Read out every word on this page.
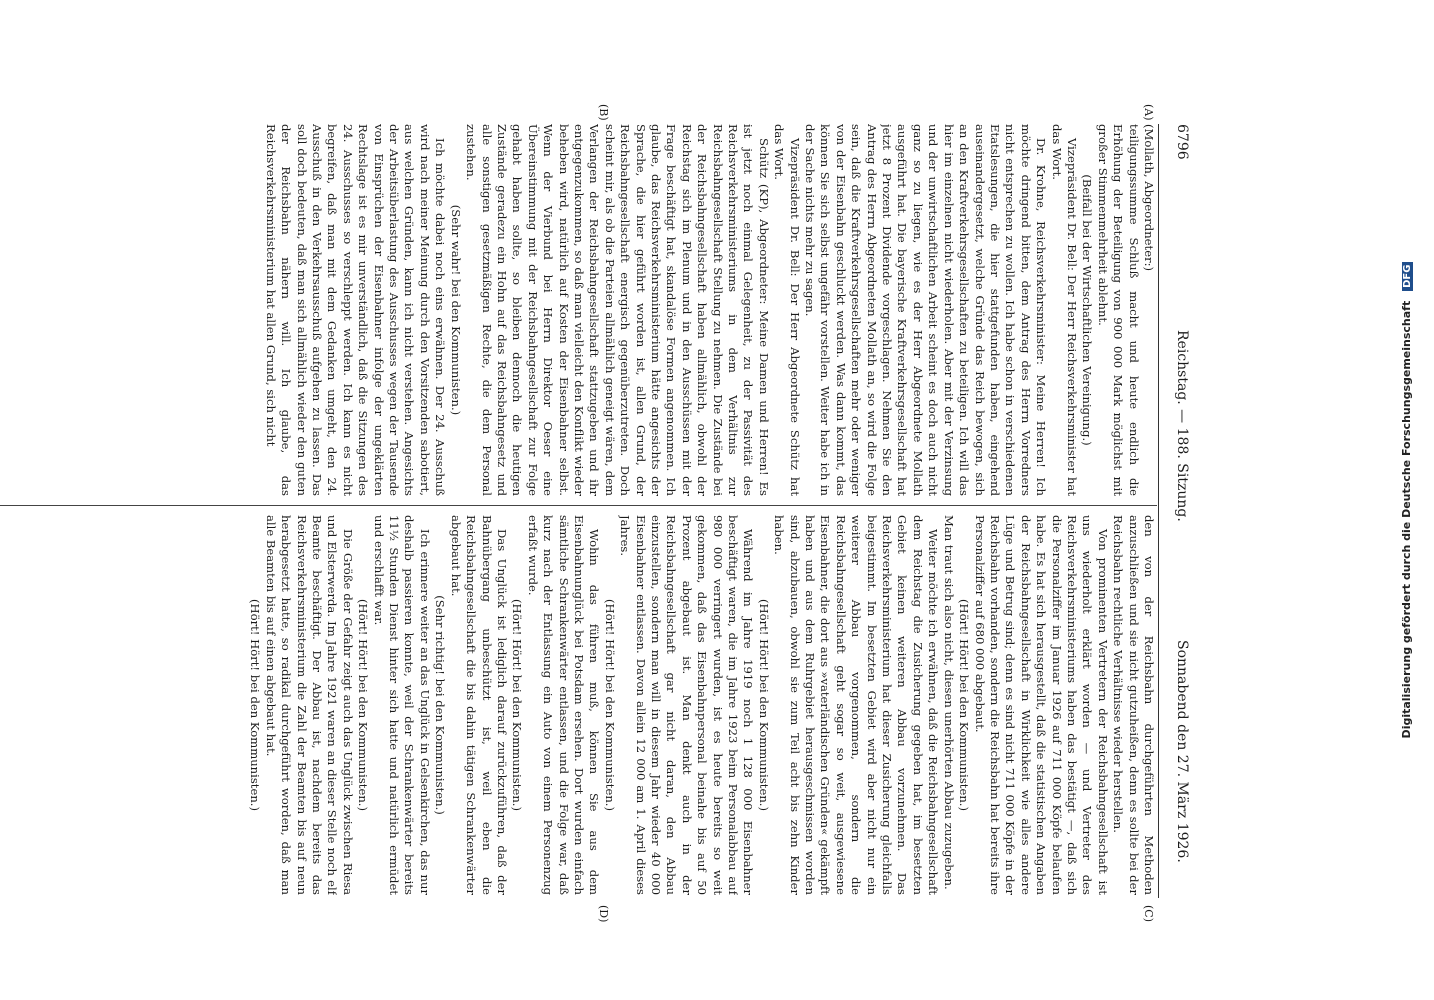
6796
Reichstag. — 188. Sitzung.
Sonnabend den 27. März 1926.
(A)
(B)
(C)
(D)

(Mollath, Abgeordneter:)

teiligungssumme Schluß macht und heute endlich die Erhöhung der Beteiligung von 900 000 Mark möglichst mit großer Stimmenmehrheit ablehnt.

(Beifall bei der Wirtschaftlichen Vereinigung.)

Vizepräsident Dr. Bell: Der Herr Reichsverkehrsminister hat das Wort.

Dr. Krohne, Reichsverkehrsminister: Meine Herren! Ich möchte dringend bitten, dem Antrag des Herrn Vorredners nicht entsprechen zu wollen. Ich habe schon in verschiedenen Etatslesungen, die hier stattgefunden haben, eingehend auseinandergesetzt, welche Gründe das Reich bewogen, sich an den Kraftverkehrsgesellschaften zu beteiligen. Ich will das hier im einzelnen nicht wiederholen. Aber mit der Verzinsung und der unwirtschaftlichen Arbeit scheint es doch auch nicht ganz so zu liegen, wie es der Herr Abgeordnete Mollath ausgeführt hat. Die bayerische Kraftverkehrsgesellschaft hat jetzt 8 Prozent Dividende vorgeschlagen. Nehmen Sie den Antrag des Herrn Abgeordneten Mollath an, so wird die Folge sein, daß die Kraftverkehrsgesellschaften mehr oder weniger von der Eisenbahn geschluckt werden. Was dann kommt, das können Sie sich selbst ungefähr vorstellen. Weiter habe ich in der Sache nichts mehr zu sagen.

Vizepräsident Dr. Bell: Der Herr Abgeordnete Schütz hat das Wort.

Schütz (KP), Abgeordneter: Meine Damen und Herren! Es ist jetzt noch einmal Gelegenheit, zu der Passivität des Reichsverkehrsministeriums in dem Verhältnis zur Reichsbahngesellschaft Stellung zu nehmen. Die Zustände bei der Reichsbahngesellschaft haben allmählich, obwohl der Reichstag sich im Plenum und in den Ausschüssen mit der Frage beschäftigt hat, skandalöse Formen angenommen. Ich glaube, das Reichsverkehrsministerium hätte angesichts der Sprache, die hier geführt worden ist, allen Grund, der Reichsbahngesellschaft energisch gegenüberzutreten. Doch scheint mir, als ob die Parteien allmählich geneigt wären, dem Verlangen der Reichsbahngesellschaft stattzugeben und ihr entgegenzukommen, so daß man vielleicht den Konflikt wieder beheben wird, natürlich auf Kosten der Eisenbahner selbst. Wenn der Vierbund bei Herrn Direktor Oeser eine Übereinstimmung mit der Reichsbahngesellschaft zur Folge gehabt haben sollte, so bleiben dennoch die heutigen Zustände geradezu ein Hohn auf das Reichsbahngesetz und alle sonstigen gesetzmäßigen Rechte, die dem Personal zustehen.

(Sehr wahr! bei den Kommunisten.)

Ich möchte dabei noch eins erwähnen. Der 24. Ausschuß wird nach meiner Meinung durch den Vorsitzenden sabotiert, aus welchen Gründen, kann ich nicht verstehen. Angesichts der Arbeitsüberlastung des Ausschusses wegen der Tausende von Einsprüchen der Eisenbahner infolge der ungeklärten Rechtslage ist es mir unverständlich, daß die Sitzungen des 24. Ausschusses so verschleppt werden. Ich kann es nicht begreifen, daß man mit dem Gedanken umgeht, den 24. Ausschuß in den Verkehrsausschuß aufgehen zu lassen. Das soll doch bedeuten, daß man sich allmählich wieder den guten der Reichsbahn nähern will. Ich glaube, das Reichsverkehrsministerium hat allen Grund, sich nicht

den von der Reichsbahn durchgeführten Methoden anzuschließen und sie nicht gutzuheißen, denn es sollte bei der Reichsbahn rechtliche Verhältnisse wieder herstellen.

Von prominenten Vertretern der Reichsbahngesellschaft ist uns wiederholt erklärt worden — und Vertreter des Reichsverkehrsministeriums haben das bestätigt —, daß sich die Personalziffer im Januar 1926 auf 711 000 Köpfe belaufen habe. Es hat sich herausgestellt, daß die statistischen Angaben der Reichsbahngesellschaft in Wirklichkeit wie alles andere Lüge und Betrug sind; denn es sind nicht 711 000 Köpfe in der Reichsbahn vorhanden, sondern die Reichsbahn hat bereits ihre Personalziffer auf 680 000 abgebaut.

(Hört! Hört! bei den Kommunisten.)

Man traut sich also nicht, diesen unerhörten Abbau zuzugeben.

Weiter möchte ich erwähnen, daß die Reichsbahngesellschaft dem Reichstag die Zusicherung gegeben hat, im besetzten Gebiet keinen weiteren Abbau vorzunehmen. Das Reichsverkehrsministerium hat dieser Zusicherung gleichfalls beigestimmt. Im besetzten Gebiet wird aber nicht nur ein weiterer Abbau vorgenommen, sondern die Reichsbahngesellschaft geht sogar so weit, ausgewiesene Eisenbahner, die dort aus »vaterländischen Gründen« gekämpft haben und aus dem Ruhrgebiet herausgeschmissen worden sind, abzubauen, obwohl sie zum Teil acht bis zehn Kinder haben.

(Hört! Hört! bei den Kommunisten.)

Während im Jahre 1919 noch 1 128 000 Eisenbahner beschäftigt waren, die im Jahre 1923 beim Personalabbau auf 980 000 verringert wurden, ist es heute bereits so weit gekommen, daß das Eisenbahnpersonal beinahe bis auf 50 Prozent abgebaut ist. Man denkt auch in der Reichsbahngesellschaft gar nicht daran, den Abbau einzustellen, sondern man will in diesem Jahr wieder 40 000 Eisenbahner entlassen. Davon allein 12 000 am 1. April dieses Jahres.

(Hört! Hört! bei den Kommunisten.)

Wohin das führen muß, können Sie aus dem Eisenbahnunglück bei Potsdam ersehen. Dort wurden einfach sämtliche Schrankenwärter entlassen, und die Folge war, daß kurz nach der Entlassung ein Auto von einem Personenzug erfaßt wurde.

(Hört! Hört! bei den Kommunisten.)

Das Unglück ist lediglich darauf zurückzuführen, daß der Bahnübergang unbeschützt ist, weil eben die Reichsbahngesellschaft die bis dahin tätigen Schrankenwärter abgebaut hat.

(Sehr richtig! bei den Kommunisten.)

Ich erinnere weiter an das Unglück in Gelsenkirchen, das nur deshalb passieren konnte, weil der Schrankenwärter bereits 11½ Stunden Dienst hinter sich hatte und natürlich ermüdet und erschlafft war.

(Hört! Hört! bei den Kommunisten.)

Die Größe der Gefahr zeigt auch das Unglück zwischen Riesa und Elsterwerda. Im Jahre 1921 waren an dieser Stelle noch elf Beamte beschäftigt. Der Abbau ist, nachdem bereits das Reichsverkehrsministerium die Zahl der Beamten bis auf neun herabgesetzt hatte, so radikal durchgeführt worden, daß man alle Beamten bis auf einen abgebaut hat.

(Hört! Hört! bei den Kommunisten.)	Digitalisierung gefördert durch die Deutsche Forschungsgemeinschaft DFG
